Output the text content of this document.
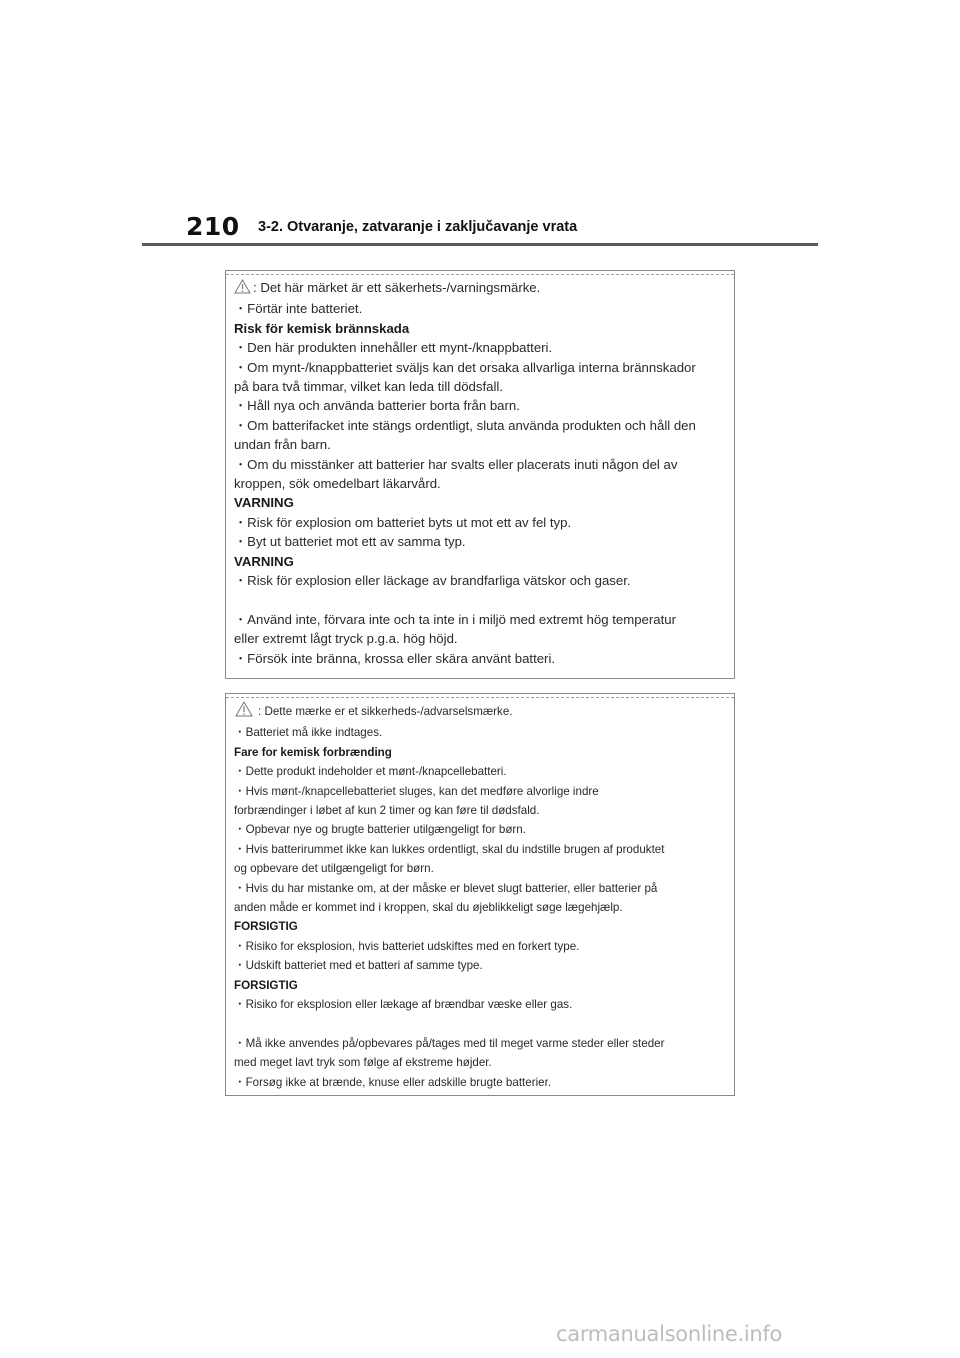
210 3-2. Otvaranje, zatvaranje i zaključavanje vrata
: Det här märket är ett säkerhets-/varningsmärke.
・Förtär inte batteriet.
Risk för kemisk brännskada
・Den här produkten innehåller ett mynt-/knappbatteri.
・Om mynt-/knappbatteriet sväljs kan det orsaka allvarliga interna brännskador
på bara två timmar, vilket kan leda till dödsfall.
・Håll nya och använda batterier borta från barn.
・Om batterifacket inte stängs ordentligt, sluta använda produkten och håll den
undan från barn.
・Om du misstänker att batterier har svalts eller placerats inuti någon del av
kroppen, sök omedelbart läkarvård.
VARNING
・Risk för explosion om batteriet byts ut mot ett av fel typ.
・Byt ut batteriet mot ett av samma typ.
VARNING
・Risk för explosion eller läckage av brandfarliga vätskor och gaser.
・Använd inte, förvara inte och ta inte in i miljö med extremt hög temperatur
eller extremt lågt tryck p.g.a. hög höjd.
・Försök inte bränna, krossa eller skära använt batteri.
: Dette mærke er et sikkerheds-/advarselsmærke.
・Batteriet må ikke indtages.
Fare for kemisk forbrænding
・Dette produkt indeholder et mønt-/knapcellebatteri.
・Hvis mønt-/knapcellebatteriet sluges, kan det medføre alvorlige indre
forbrændinger i løbet af kun 2 timer og kan føre til dødsfald.
・Opbevar nye og brugte batterier utilgængeligt for børn.
・Hvis batterirummet ikke kan lukkes ordentligt, skal du indstille brugen af produktet
og opbevare det utilgængeligt for børn.
・Hvis du har mistanke om, at der måske er blevet slugt batterier, eller batterier på
anden måde er kommet ind i kroppen, skal du øjeblikkeligt søge lægehjælp.
FORSIGTIG
・Risiko for eksplosion, hvis batteriet udskiftes med en forkert type.
・Udskift batteriet med et batteri af samme type.
FORSIGTIG
・Risiko for eksplosion eller lækage af brændbar væske eller gas.
・Må ikke anvendes på/opbevares på/tages med til meget varme steder eller steder
med meget lavt tryk som følge af ekstreme højder.
・Forsøg ikke at brænde, knuse eller adskille brugte batterier.
carmanualsonline.info
